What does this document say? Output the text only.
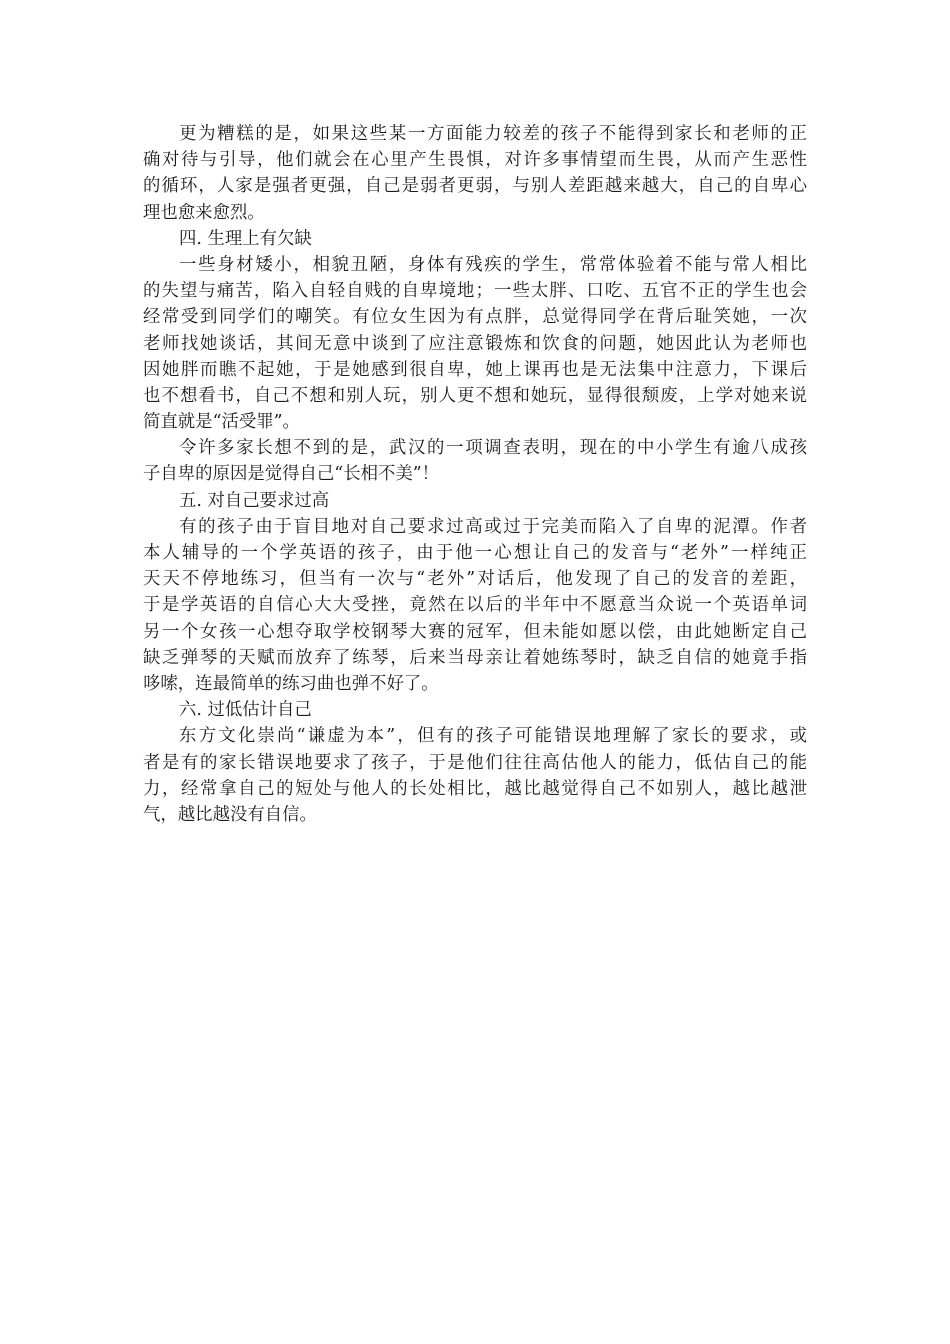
更为糟糕的是，如果这些某一方面能力较差的孩子不能得到家长和老师的正
确对待与引导，他们就会在心里产生畏惧，对许多事情望而生畏，从而产生恶性
的循环，人家是强者更强，自己是弱者更弱，与别人差距越来越大，自己的自卑心
理也愈来愈烈。
四. 生理上有欠缺
一些身材矮小，相貌丑陋，身体有残疾的学生，常常体验着不能与常人相比
的失望与痛苦，陷入自轻自贱的自卑境地；一些太胖、口吃、五官不正的学生也会
经常受到同学们的嘲笑。有位女生因为有点胖，总觉得同学在背后耻笑她，一次
老师找她谈话，其间无意中谈到了应注意锻炼和饮食的问题，她因此认为老师也
因她胖而瞧不起她，于是她感到很自卑，她上课再也是无法集中注意力，下课后
也不想看书，自己不想和别人玩，别人更不想和她玩，显得很颓废，上学对她来说
简直就是“活受罪”。
令许多家长想不到的是，武汉的一项调查表明，现在的中小学生有逾八成孩
子自卑的原因是觉得自己“长相不美”！
五. 对自己要求过高
有的孩子由于盲目地对自己要求过高或过于完美而陷入了自卑的泥潭。作者
本人辅导的一个学英语的孩子，由于他一心想让自己的发音与“老外”一样纯正
天天不停地练习，但当有一次与“老外”对话后，他发现了自己的发音的差距，
于是学英语的自信心大大受挫，竟然在以后的半年中不愿意当众说一个英语单词
另一个女孩一心想夺取学校钢琴大赛的冠军，但未能如愿以偿，由此她断定自己
缺乏弹琴的天赋而放弃了练琴，后来当母亲让着她练琴时，缺乏自信的她竟手指
哆嗦，连最简单的练习曲也弹不好了。
六. 过低估计自己
东方文化崇尚“谦虚为本”，但有的孩子可能错误地理解了家长的要求，或
者是有的家长错误地要求了孩子，于是他们往往高估他人的能力，低估自己的能
力，经常拿自己的短处与他人的长处相比，越比越觉得自己不如别人，越比越泄
气，越比越没有自信。
